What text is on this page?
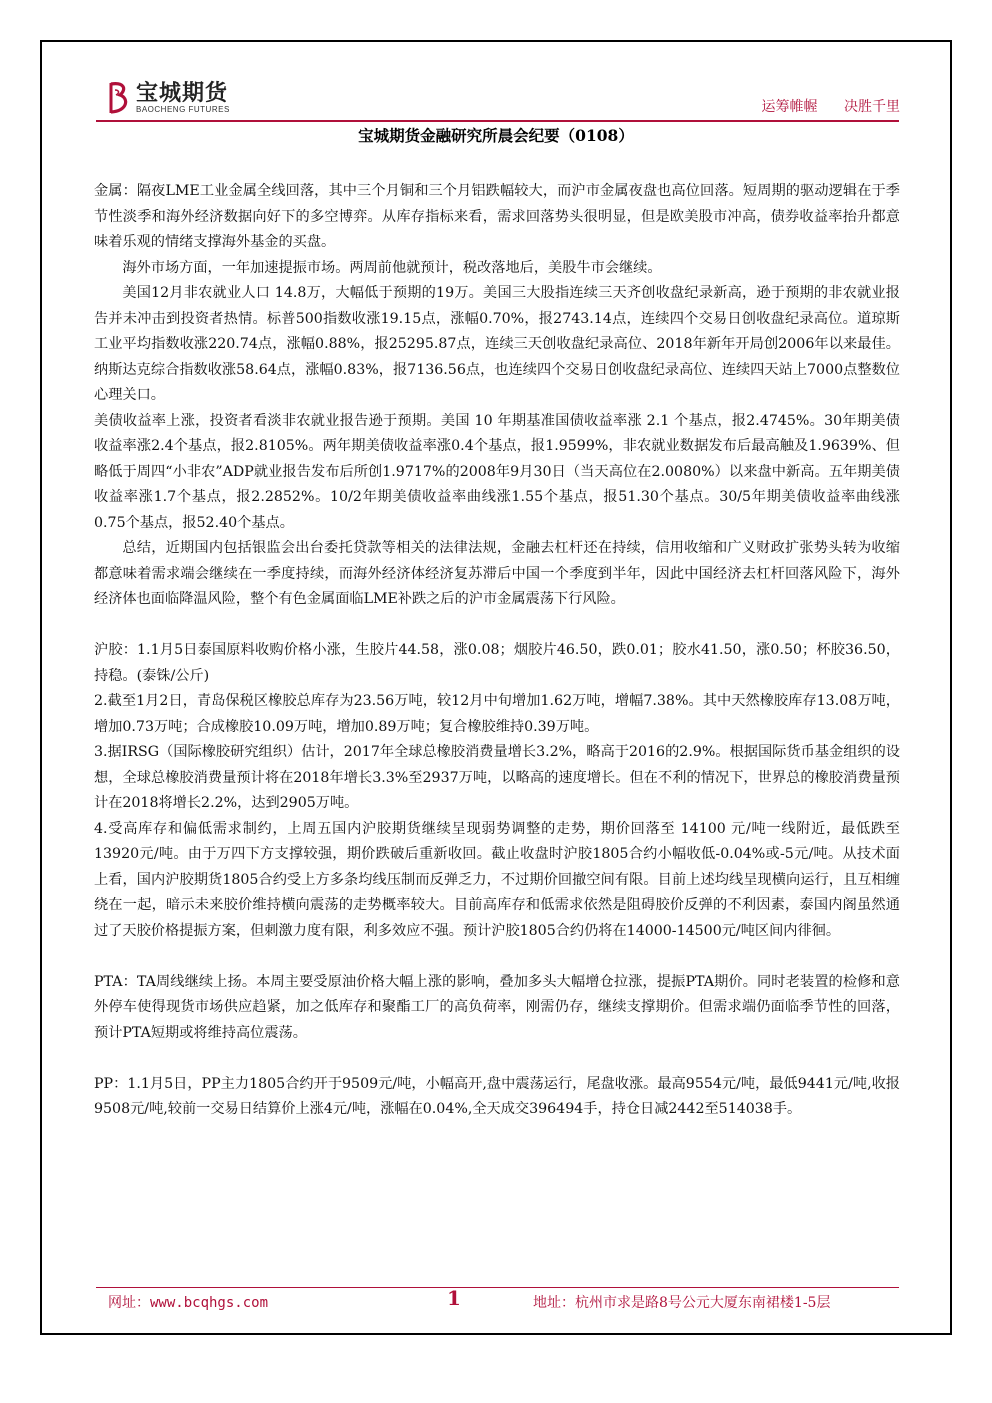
宝城期货
BAOCHENG FUTURES	运筹帷幄 决胜千里
宝城期货金融研究所晨会纪要（0108）

金属：隔夜LME工业金属全线回落，其中三个月铜和三个月铝跌幅较大，而沪市金属夜盘也高位回落。短周期的驱动逻辑在于季节性淡季和海外经济数据向好下的多空博弈。从库存指标来看，需求回落势头很明显，但是欧美股市冲高，债券收益率抬升都意味着乐观的情绪支撑海外基金的买盘。

海外市场方面，一年加速提振市场。两周前他就预计，税改落地后，美股牛市会继续。

美国12月非农就业人口 14.8万，大幅低于预期的19万。美国三大股指连续三天齐创收盘纪录新高，逊于预期的非农就业报告并未冲击到投资者热情。标普500指数收涨19.15点，涨幅0.70%，报2743.14点，连续四个交易日创收盘纪录高位。道琼斯工业平均指数收涨220.74点，涨幅0.88%，报25295.87点，连续三天创收盘纪录高位、2018年新年开局创2006年以来最佳。纳斯达克综合指数收涨58.64点，涨幅0.83%，报7136.56点，也连续四个交易日创收盘纪录高位、连续四天站上7000点整数位心理关口。

美债收益率上涨，投资者看淡非农就业报告逊于预期。美国 10 年期基准国债收益率涨 2.1 个基点，报2.4745%。30年期美债收益率涨2.4个基点，报2.8105%。两年期美债收益率涨0.4个基点，报1.9599%，非农就业数据发布后最高触及1.9639%、但略低于周四“小非农”ADP就业报告发布后所创1.9717%的2008年9月30日（当天高位在2.0080%）以来盘中新高。五年期美债收益率涨1.7个基点，报2.2852%。10/2年期美债收益率曲线涨1.55个基点，报51.30个基点。30/5年期美债收益率曲线涨0.75个基点，报52.40个基点。

总结，近期国内包括银监会出台委托贷款等相关的法律法规，金融去杠杆还在持续，信用收缩和广义财政扩张势头转为收缩都意味着需求端会继续在一季度持续，而海外经济体经济复苏滞后中国一个季度到半年，因此中国经济去杠杆回落风险下，海外经济体也面临降温风险，整个有色金属面临LME补跌之后的沪市金属震荡下行风险。

沪胶：1.1月5日泰国原料收购价格小涨，生胶片44.58，涨0.08；烟胶片46.50，跌0.01；胶水41.50，涨0.50；杯胶36.50，持稳。(泰铢/公斤)

2.截至1月2日，青岛保税区橡胶总库存为23.56万吨，较12月中旬增加1.62万吨，增幅7.38%。其中天然橡胶库存13.08万吨，增加0.73万吨；合成橡胶10.09万吨，增加0.89万吨；复合橡胶维持0.39万吨。

3.据IRSG（国际橡胶研究组织）估计，2017年全球总橡胶消费量增长3.2%，略高于2016的2.9%。根据国际货币基金组织的设想，全球总橡胶消费量预计将在2018年增长3.3%至2937万吨，以略高的速度增长。但在不利的情况下，世界总的橡胶消费量预计在2018将增长2.2%，达到2905万吨。

4.受高库存和偏低需求制约，上周五国内沪胶期货继续呈现弱势调整的走势，期价回落至 14100 元/吨一线附近，最低跌至13920元/吨。由于万四下方支撑较强，期价跌破后重新收回。截止收盘时沪胶1805合约小幅收低-0.04%或-5元/吨。从技术面上看，国内沪胶期货1805合约受上方多条均线压制而反弹乏力，不过期价回撤空间有限。目前上述均线呈现横向运行，且互相缠绕在一起，暗示未来胶价维持横向震荡的走势概率较大。目前高库存和低需求依然是阻碍胶价反弹的不利因素，泰国内阁虽然通过了天胶价格提振方案，但刺激力度有限，利多效应不强。预计沪胶1805合约仍将在14000-14500元/吨区间内徘徊。

PTA：TA周线继续上扬。本周主要受原油价格大幅上涨的影响，叠加多头大幅增仓拉涨，提振PTA期价。同时老装置的检修和意外停车使得现货市场供应趋紧，加之低库存和聚酯工厂的高负荷率，刚需仍存，继续支撑期价。但需求端仍面临季节性的回落，预计PTA短期或将维持高位震荡。

PP：1.1月5日，PP主力1805合约开于9509元/吨，小幅高开,盘中震荡运行，尾盘收涨。最高9554元/吨，最低9441元/吨,收报9508元/吨,较前一交易日结算价上涨4元/吨，涨幅在0.04%,全天成交396494手，持仓日减2442至514038手。

网址：www.bcqhgs.com	1	地址：杭州市求是路8号公元大厦东南裙楼1-5层
